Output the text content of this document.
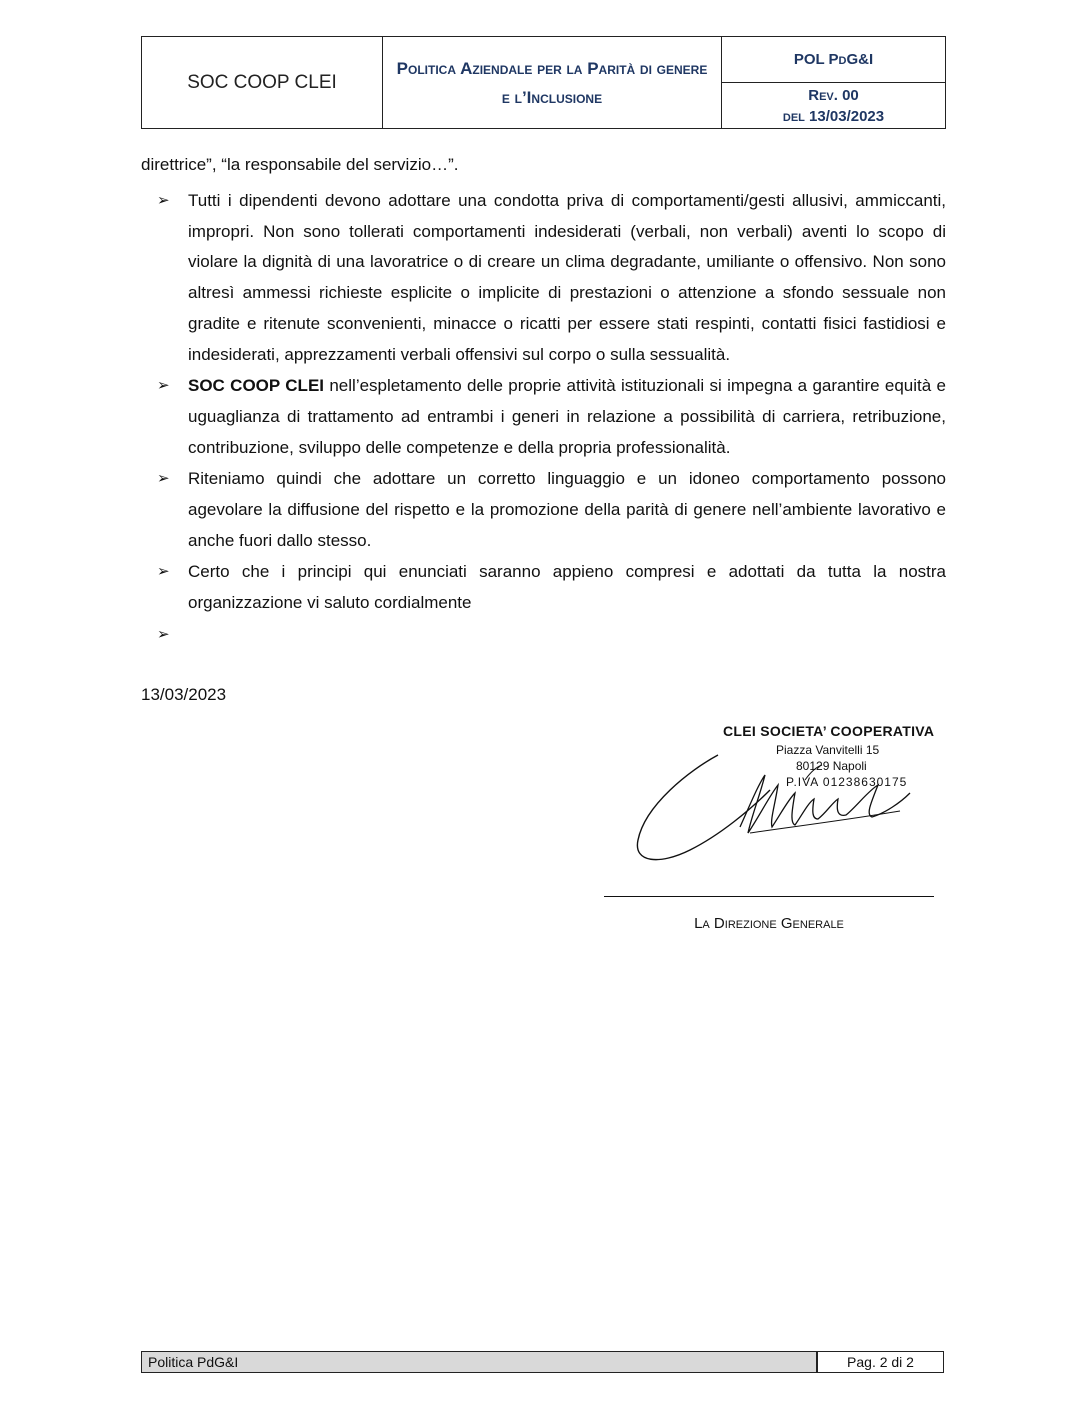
SOC COOP CLEI
Politica Aziendale per la Parità di genere e l’Inclusione
POL PdG&I
Rev. 00
del 13/03/2023
direttrice”, “la responsabile del servizio…”.
➢ Tutti i dipendenti devono adottare una condotta priva di comportamenti/gesti allusivi, ammiccanti, impropri. Non sono tollerati comportamenti indesiderati (verbali, non verbali) aventi lo scopo di violare la dignità di una lavoratrice o di creare un clima degradante, umiliante o offensivo. Non sono altresì ammessi richieste esplicite o implicite di prestazioni o attenzione a sfondo sessuale non gradite e ritenute sconvenienti, minacce o ricatti per essere stati respinti, contatti fisici fastidiosi e indesiderati, apprezzamenti verbali offensivi sul corpo o sulla sessualità.
➢ SOC COOP CLEI nell’espletamento delle proprie attività istituzionali si impegna a garantire equità e uguaglianza di trattamento ad entrambi i generi in relazione a possibilità di carriera, retribuzione, contribuzione, sviluppo delle competenze e della propria professionalità.
➢ Riteniamo quindi che adottare un corretto linguaggio e un idoneo comportamento possono agevolare la diffusione del rispetto e la promozione della parità di genere nell’ambiente lavorativo e anche fuori dallo stesso.
➢ Certo che i principi qui enunciati saranno appieno compresi e adottati da tutta la nostra organizzazione vi saluto cordialmente
➢
13/03/2023
CLEI SOCIETA’ COOPERATIVA
Piazza Vanvitelli 15
80129 Napoli
P.IVA 01238630175
La Direzione Generale
Politica PdG&I	Pag. 2 di 2
